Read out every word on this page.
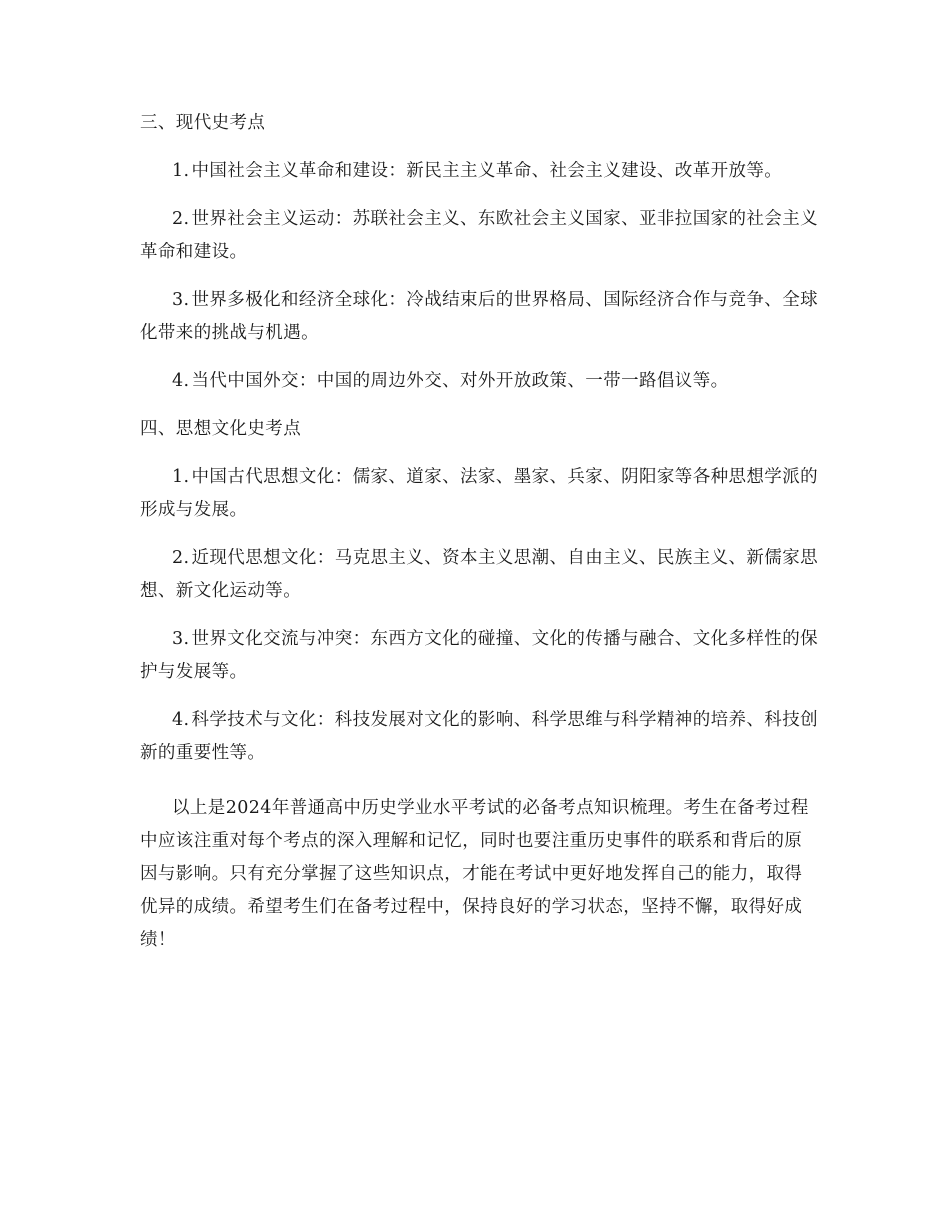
三、现代史考点

1. 中国社会主义革命和建设：新民主主义革命、社会主义建设、改革开放等。

2. 世界社会主义运动：苏联社会主义、东欧社会主义国家、亚非拉国家的社会主义革命和建设。

3. 世界多极化和经济全球化：冷战结束后的世界格局、国际经济合作与竞争、全球化带来的挑战与机遇。

4. 当代中国外交：中国的周边外交、对外开放政策、一带一路倡议等。

四、思想文化史考点

1. 中国古代思想文化：儒家、道家、法家、墨家、兵家、阴阳家等各种思想学派的形成与发展。

2. 近现代思想文化：马克思主义、资本主义思潮、自由主义、民族主义、新儒家思想、新文化运动等。

3. 世界文化交流与冲突：东西方文化的碰撞、文化的传播与融合、文化多样性的保护与发展等。

4. 科学技术与文化：科技发展对文化的影响、科学思维与科学精神的培养、科技创新的重要性等。

以上是2024年普通高中历史学业水平考试的必备考点知识梳理。考生在备考过程中应该注重对每个考点的深入理解和记忆，同时也要注重历史事件的联系和背后的原因与影响。只有充分掌握了这些知识点，才能在考试中更好地发挥自己的能力，取得优异的成绩。希望考生们在备考过程中，保持良好的学习状态，坚持不懈，取得好成绩！
